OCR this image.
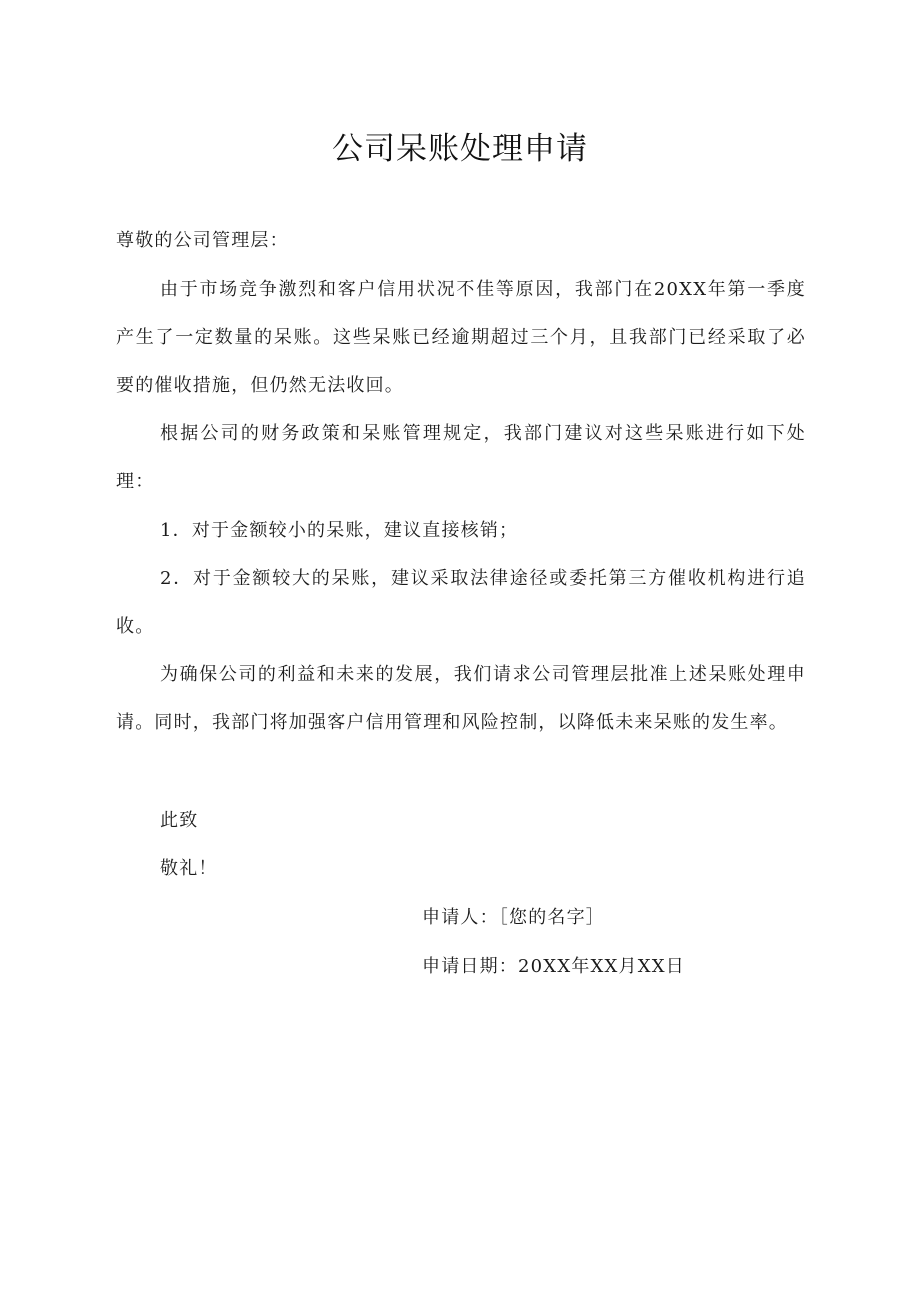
公司呆账处理申请
尊敬的公司管理层：
由于市场竞争激烈和客户信用状况不佳等原因，我部门在20XX年第一季度产生了一定数量的呆账。这些呆账已经逾期超过三个月，且我部门已经采取了必要的催收措施，但仍然无法收回。
根据公司的财务政策和呆账管理规定，我部门建议对这些呆账进行如下处理：
1．对于金额较小的呆账，建议直接核销；
2．对于金额较大的呆账，建议采取法律途径或委托第三方催收机构进行追收。
为确保公司的利益和未来的发展，我们请求公司管理层批准上述呆账处理申请。同时，我部门将加强客户信用管理和风险控制，以降低未来呆账的发生率。
此致
敬礼！
申请人：［您的名字］
申请日期：20XX年XX月XX日
